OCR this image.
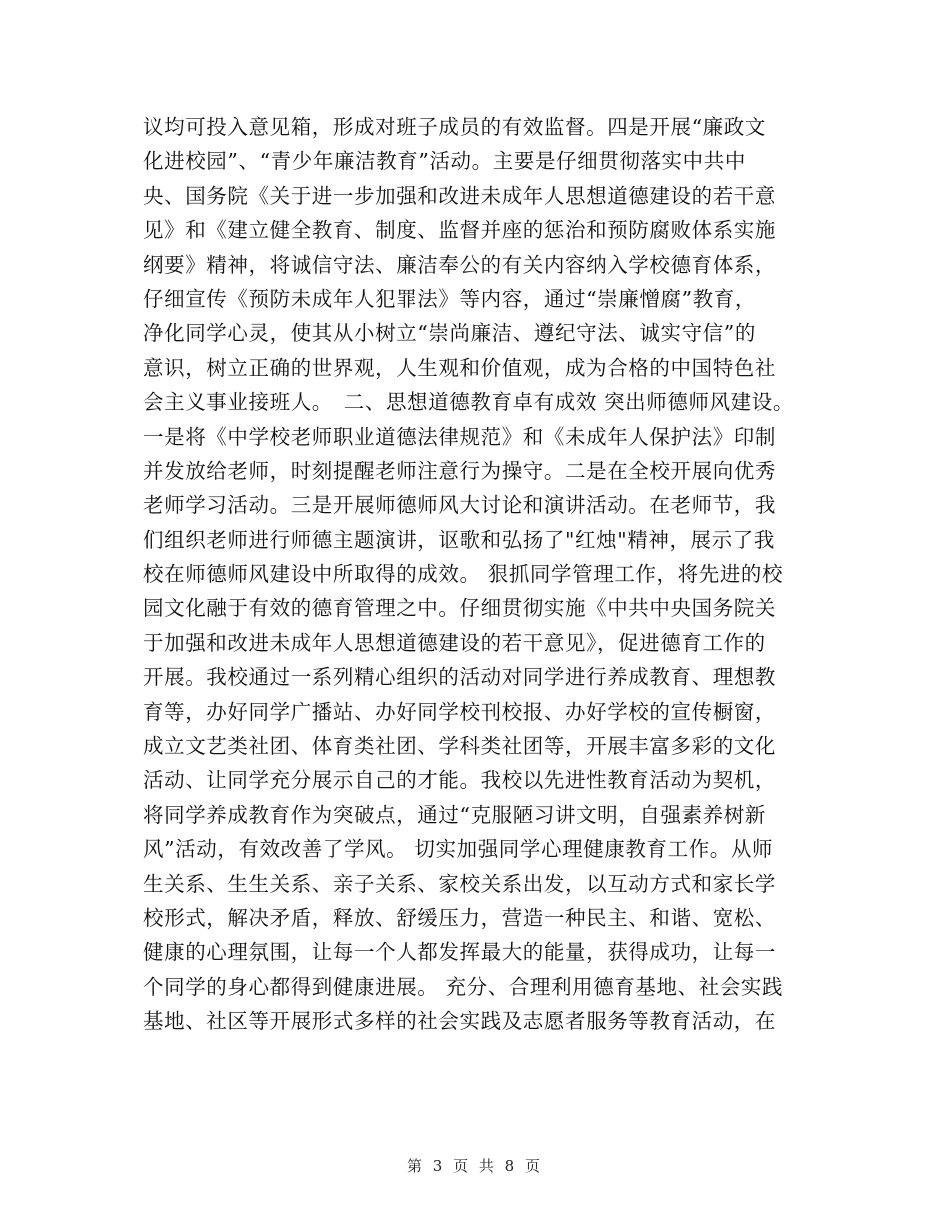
议均可投入意见箱，形成对班子成员的有效监督。四是开展“廉政文
化进校园”、“青少年廉洁教育”活动。主要是仔细贯彻落实中共中
央、国务院《关于进一步加强和改进未成年人思想道德建设的若干意
见》和《建立健全教育、制度、监督并座的惩治和预防腐败体系实施
纲要》精神，将诚信守法、廉洁奉公的有关内容纳入学校德育体系，
仔细宣传《预防未成年人犯罪法》等内容，通过“崇廉憎腐”教育，
净化同学心灵，使其从小树立“崇尚廉洁、遵纪守法、诚实守信”的
意识，树立正确的世界观，人生观和价值观，成为合格的中国特色社
会主义事业接班人。　二、思想道德教育卓有成效 突出师德师风建设。
一是将《中学校老师职业道德法律规范》和《未成年人保护法》印制
并发放给老师，时刻提醒老师注意行为操守。二是在全校开展向优秀
老师学习活动。三是开展师德师风大讨论和演讲活动。在老师节，我
们组织老师进行师德主题演讲，讴歌和弘扬了"红烛"精神，展示了我
校在师德师风建设中所取得的成效。 狠抓同学管理工作，将先进的校
园文化融于有效的德育管理之中。仔细贯彻实施《中共中央国务院关
于加强和改进未成年人思想道德建设的若干意见》，促进德育工作的
开展。我校通过一系列精心组织的活动对同学进行养成教育、理想教
育等，办好同学广播站、办好同学校刊校报、办好学校的宣传橱窗，
成立文艺类社团、体育类社团、学科类社团等，开展丰富多彩的文化
活动、让同学充分展示自己的才能。我校以先进性教育活动为契机，
将同学养成教育作为突破点，通过“克服陋习讲文明，自强素养树新
风”活动，有效改善了学风。 切实加强同学心理健康教育工作。从师
生关系、生生关系、亲子关系、家校关系出发，以互动方式和家长学
校形式，解决矛盾，释放、舒缓压力，营造一种民主、和谐、宽松、
健康的心理氛围，让每一个人都发挥最大的能量，获得成功，让每一
个同学的身心都得到健康进展。 充分、合理利用德育基地、社会实践
基地、社区等开展形式多样的社会实践及志愿者服务等教育活动，在
第 3 页 共 8 页
